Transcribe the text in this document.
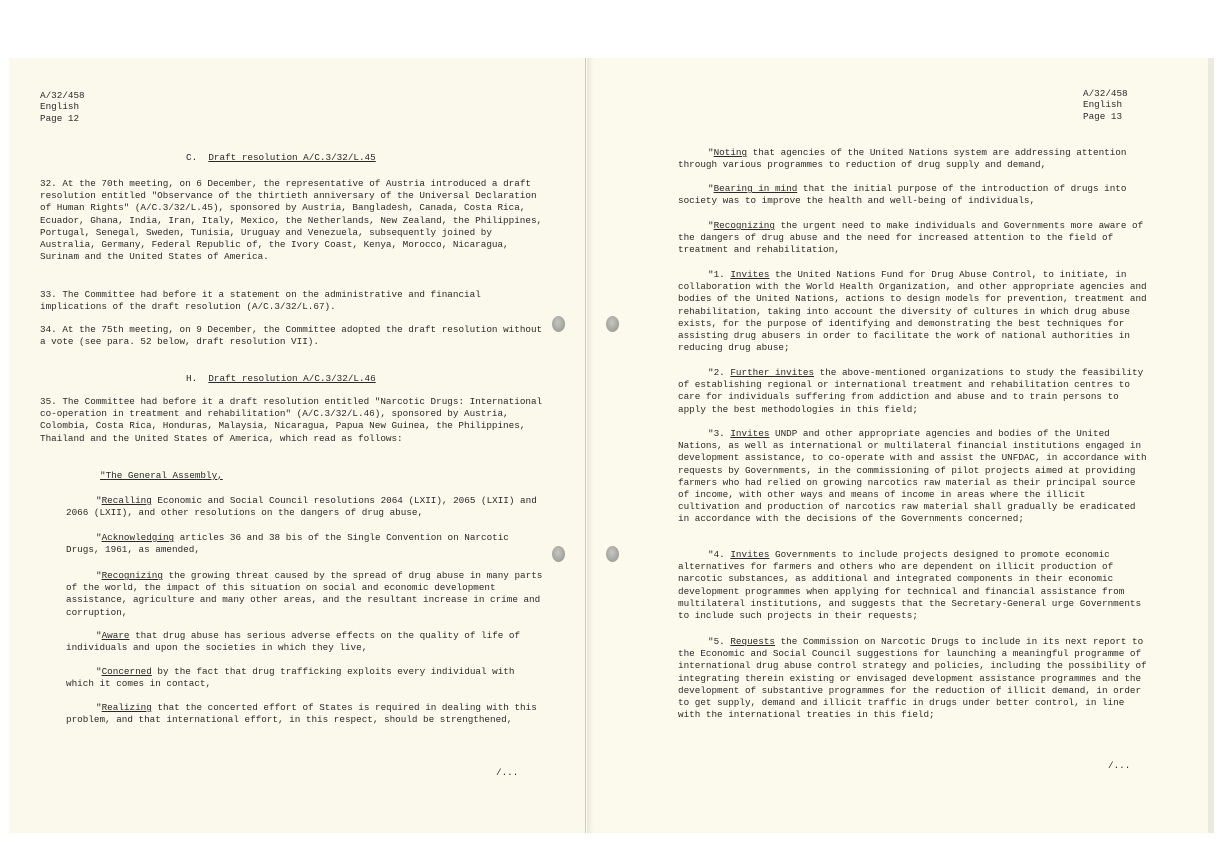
A/32/458
English
Page 12

C. Draft resolution A/C.3/32/L.45

32. At the 70th meeting, on 6 December, the representative of Austria introduced a draft resolution entitled "Observance of the thirtieth anniversary of the Universal Declaration of Human Rights" (A/C.3/32/L.45), sponsored by Austria, Bangladesh, Canada, Costa Rica, Ecuador, Ghana, India, Iran, Italy, Mexico, the Netherlands, New Zealand, the Philippines, Portugal, Senegal, Sweden, Tunisia, Uruguay and Venezuela, subsequently joined by Australia, Germany, Federal Republic of, the Ivory Coast, Kenya, Morocco, Nicaragua, Surinam and the United States of America.

33. The Committee had before it a statement on the administrative and financial implications of the draft resolution (A/C.3/32/L.67).

34. At the 75th meeting, on 9 December, the Committee adopted the draft resolution without a vote (see para. 52 below, draft resolution VII).

H. Draft resolution A/C.3/32/L.46

35. The Committee had before it a draft resolution entitled "Narcotic Drugs: International co-operation in treatment and rehabilitation" (A/C.3/32/L.46), sponsored by Austria, Colombia, Costa Rica, Honduras, Malaysia, Nicaragua, Papua New Guinea, the Philippines, Thailand and the United States of America, which read as follows:

"The General Assembly,

"Recalling Economic and Social Council resolutions 2064 (LXII), 2065 (LXII) and 2066 (LXII), and other resolutions on the dangers of drug abuse,

"Acknowledging articles 36 and 38 bis of the Single Convention on Narcotic Drugs, 1961, as amended,

"Recognizing the growing threat caused by the spread of drug abuse in many parts of the world, the impact of this situation on social and economic development assistance, agriculture and many other areas, and the resultant increase in crime and corruption,

"Aware that drug abuse has serious adverse effects on the quality of life of individuals and upon the societies in which they live,

"Concerned by the fact that drug trafficking exploits every individual with which it comes in contact,

"Realizing that the concerted effort of States is required in dealing with this problem, and that international effort, in this respect, should be strengthened,

/...
A/32/458
English
Page 13

"Noting that agencies of the United Nations system are addressing attention through various programmes to reduction of drug supply and demand,

"Bearing in mind that the initial purpose of the introduction of drugs into society was to improve the health and well-being of individuals,

"Recognizing the urgent need to make individuals and Governments more aware of the dangers of drug abuse and the need for increased attention to the field of treatment and rehabilitation,

"1. Invites the United Nations Fund for Drug Abuse Control, to initiate, in collaboration with the World Health Organization, and other appropriate agencies and bodies of the United Nations, actions to design models for prevention, treatment and rehabilitation, taking into account the diversity of cultures in which drug abuse exists, for the purpose of identifying and demonstrating the best techniques for assisting drug abusers in order to facilitate the work of national authorities in reducing drug abuse;

"2. Further invites the above-mentioned organizations to study the feasibility of establishing regional or international treatment and rehabilitation centres to care for individuals suffering from addiction and abuse and to train persons to apply the best methodologies in this field;

"3. Invites UNDP and other appropriate agencies and bodies of the United Nations, as well as international or multilateral financial institutions engaged in development assistance, to co-operate with and assist the UNFDAC, in accordance with requests by Governments, in the commissioning of pilot projects aimed at providing farmers who had relied on growing narcotics raw material as their principal source of income, with other ways and means of income in areas where the illicit cultivation and production of narcotics raw material shall gradually be eradicated in accordance with the decisions of the Governments concerned;

"4. Invites Governments to include projects designed to promote economic alternatives for farmers and others who are dependent on illicit production of narcotic substances, as additional and integrated components in their economic development programmes when applying for technical and financial assistance from multilateral institutions, and suggests that the Secretary-General urge Governments to include such projects in their requests;

"5. Requests the Commission on Narcotic Drugs to include in its next report to the Economic and Social Council suggestions for launching a meaningful programme of international drug abuse control strategy and policies, including the possibility of integrating therein existing or envisaged development assistance programmes and the development of substantive programmes for the reduction of illicit demand, in order to get supply, demand and illicit traffic in drugs under better control, in line with the international treaties in this field;

/...
